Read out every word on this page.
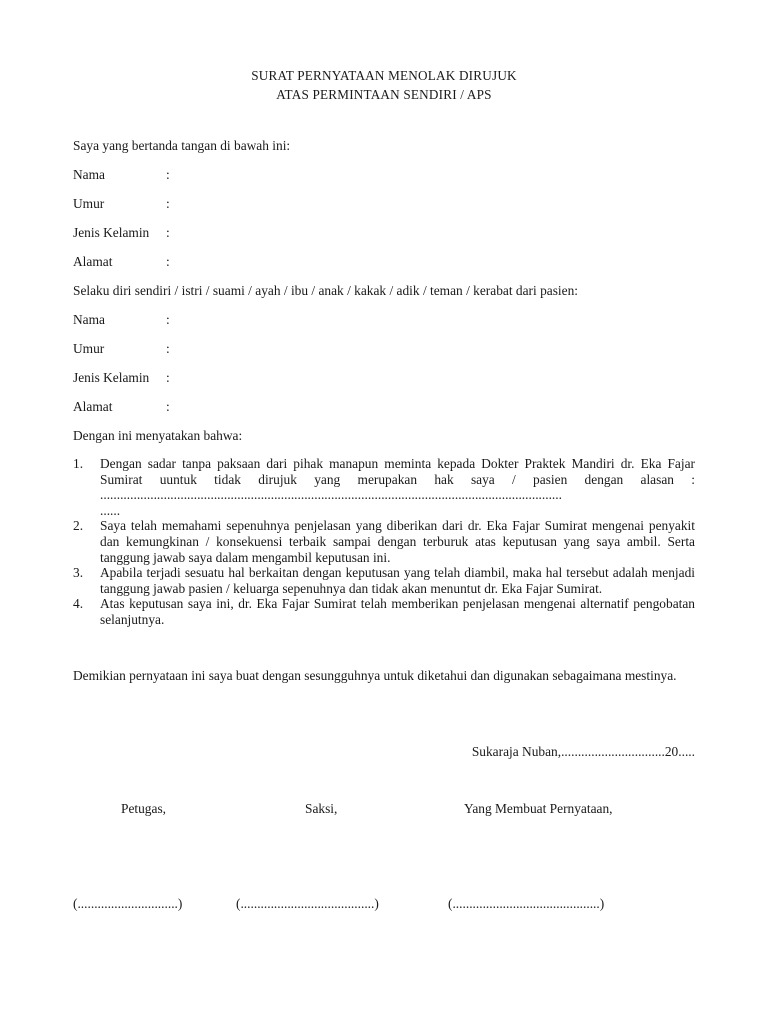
SURAT PERNYATAAN MENOLAK DIRUJUK
ATAS PERMINTAAN SENDIRI / APS
Saya yang bertanda tangan di bawah ini:
Nama	:
Umur	:
Jenis Kelamin :
Alamat	:
Selaku diri sendiri / istri / suami / ayah / ibu / anak / kakak / adik / teman / kerabat dari pasien:
Nama	:
Umur	:
Jenis Kelamin :
Alamat	:
Dengan ini menyatakan bahwa:
1. Dengan sadar tanpa paksaan dari pihak manapun meminta kepada Dokter Praktek Mandiri dr. Eka Fajar Sumirat uuntuk tidak dirujuk yang merupakan hak saya / pasien dengan alasan : ..........................................................................................................................................
......
2. Saya telah memahami sepenuhnya penjelasan yang diberikan dari dr. Eka Fajar Sumirat mengenai penyakit dan kemungkinan / konsekuensi terbaik sampai dengan terburuk atas keputusan yang saya ambil. Serta tanggung jawab saya dalam mengambil keputusan ini.
3. Apabila terjadi sesuatu hal berkaitan dengan keputusan yang telah diambil, maka hal tersebut adalah menjadi tanggung jawab pasien / keluarga sepenuhnya dan tidak akan menuntut dr. Eka Fajar Sumirat.
4. Atas keputusan saya ini, dr. Eka Fajar Sumirat telah memberikan penjelasan mengenai alternatif pengobatan selanjutnya.
Demikian pernyataan ini saya buat dengan sesungguhnya untuk diketahui dan digunakan sebagaimana mestinya.
Sukaraja Nuban,...............................20.....
Petugas,	Saksi,	Yang Membuat Pernyataan,
(..............................)	(........................................)	(............................................)
